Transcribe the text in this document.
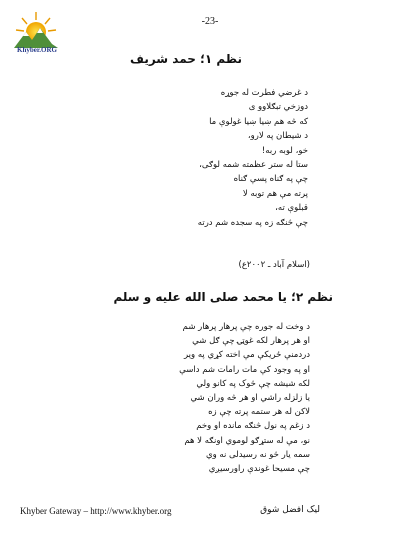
Khyber.ORG
-23-
نظم ۱؛ حمد شریف
د غرضي فطرت له جوړه
دوزخي تبګلاوو ی
که څه هم ښیا ښیا غولوې ما
د شیطان په لارو،
خو، لوبه ربه!
ستا له ستر عظمته شمه لوګی،
چې په ګناه پسې ګناه
پرته مې هم توبه لا
قبلوې ته،
چې څنګه زه په سجده شم درته
(اسلام آباد ـ ۲۰۰۲ع)
نظم ۲؛ یا محمد صلی الله علیه و سلم
د وخت له جوره چې پرهار پرهار شم
او هر پرهار لکه غوټۍ چې ګل شي
دردمنې ځریکې مې اخته کړي په ویر
او په وجود کې مات رامات شم داسې
لکه شیشه چې څوک په کانو ولي
یا زلزله راشي او هر څه وران شي
لاکن له هر ستمه پرته چې زه
د زغم په نول څنګه مانده او وخم
نو، مې له ستړګو لوموي اونګه لا هم
سمه یار څو نه رسیدلی نه وي
چې مسیحا غوندې راورسیږي
Khyber Gateway – http://www.khyber.org	لیک افضل شوق
